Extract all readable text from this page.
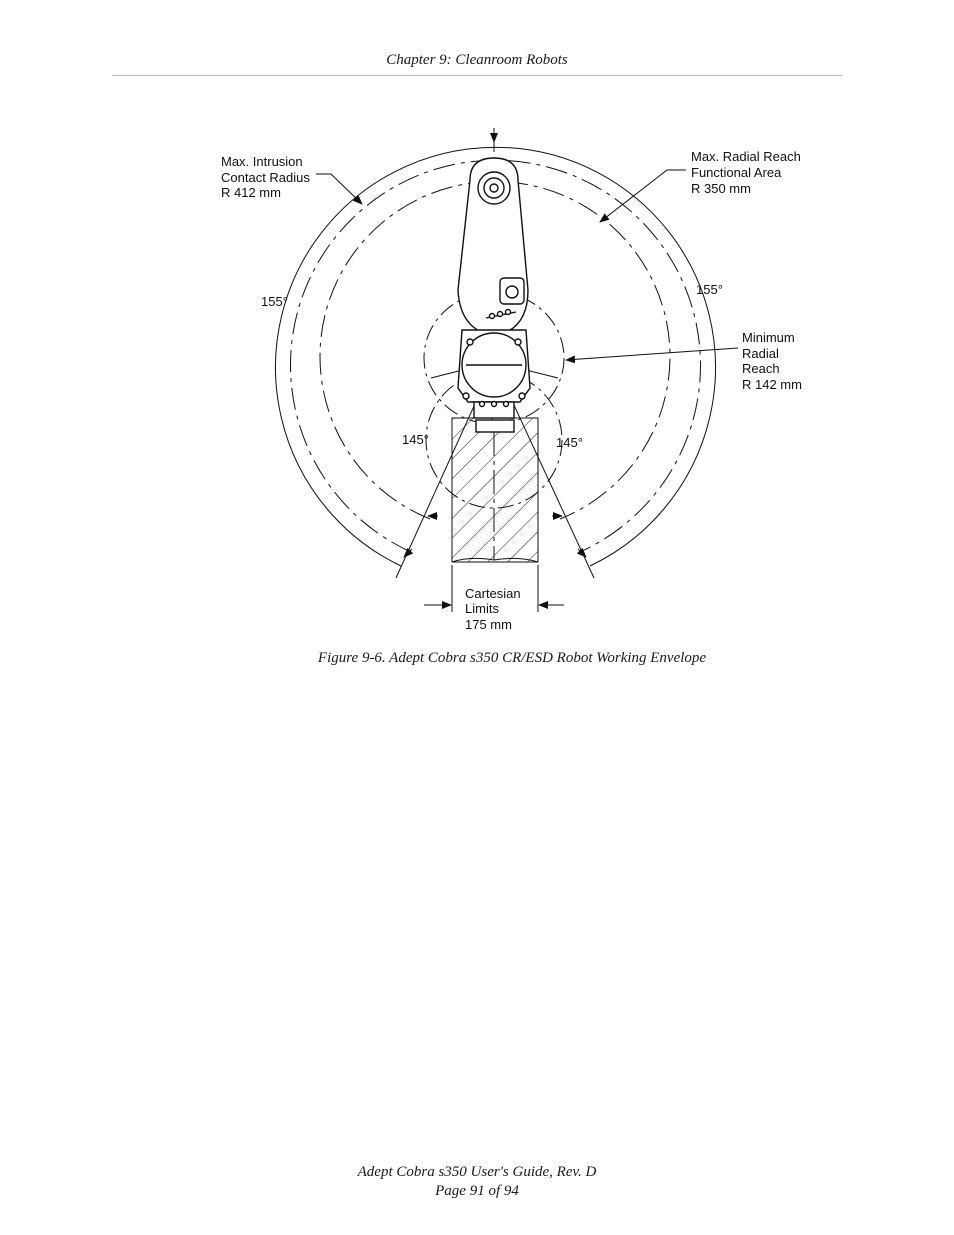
Chapter 9: Cleanroom Robots
Max. Intrusion Contact Radius R 412 mm
Max. Radial Reach Functional Area R 350 mm
Minimum Radial Reach R 142 mm
Cartesian Limits 175 mm
155°
155°
145°	145°
Figure 9-6. Adept Cobra s350 CR/ESD Robot Working Envelope
Adept Cobra s350 User's Guide, Rev. D
Page 91 of 94
